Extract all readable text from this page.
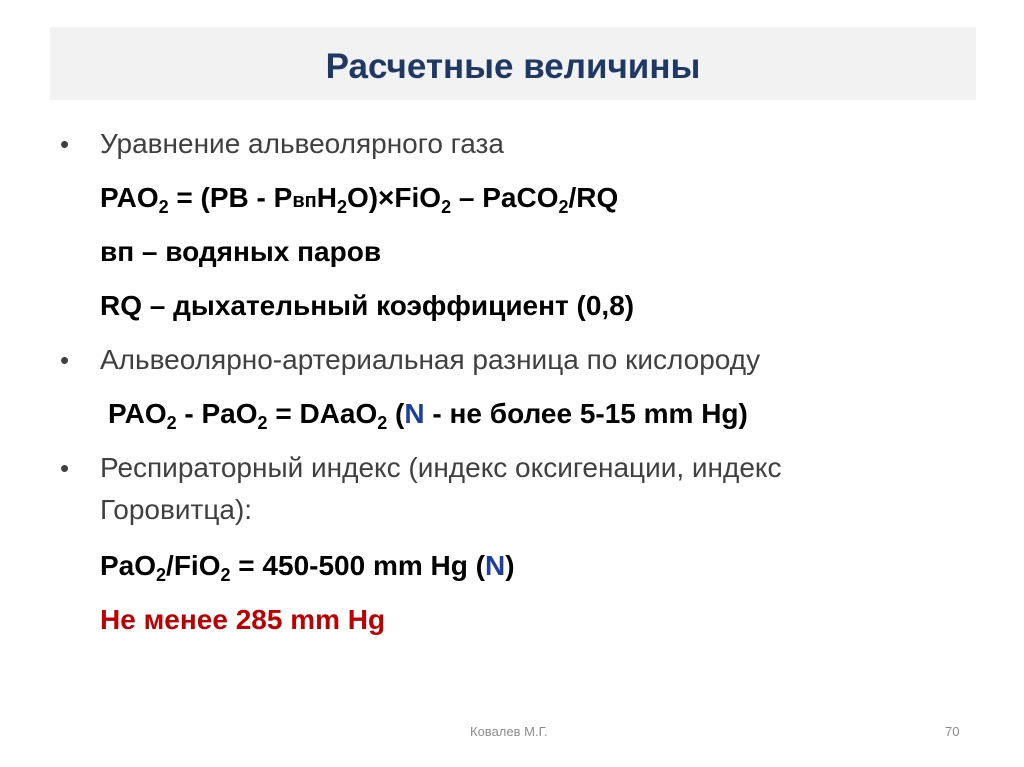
Расчетные величины
• Уравнение альвеолярного газа
$PAO_2 = (PB$ - PвпH$_2$O)×FiO$_2$ – PaCO$_2$/RQ
вп – водяных паров
RQ – дыхательный коэффициент (0,8)
• Альвеолярно-артериальная разница по кислороду
$PAO_2 - PaO_2$ = DAaO$_2$ (N - не более 5-15 mm Hg)
• Респираторный индекс (индекс оксигенации, индекс
Горовитца):
PaO$_2$/FiO$_2$ = 450-500 mm Hg (N)
Не менее 285 mm Hg
Ковалев М.Г.	70
